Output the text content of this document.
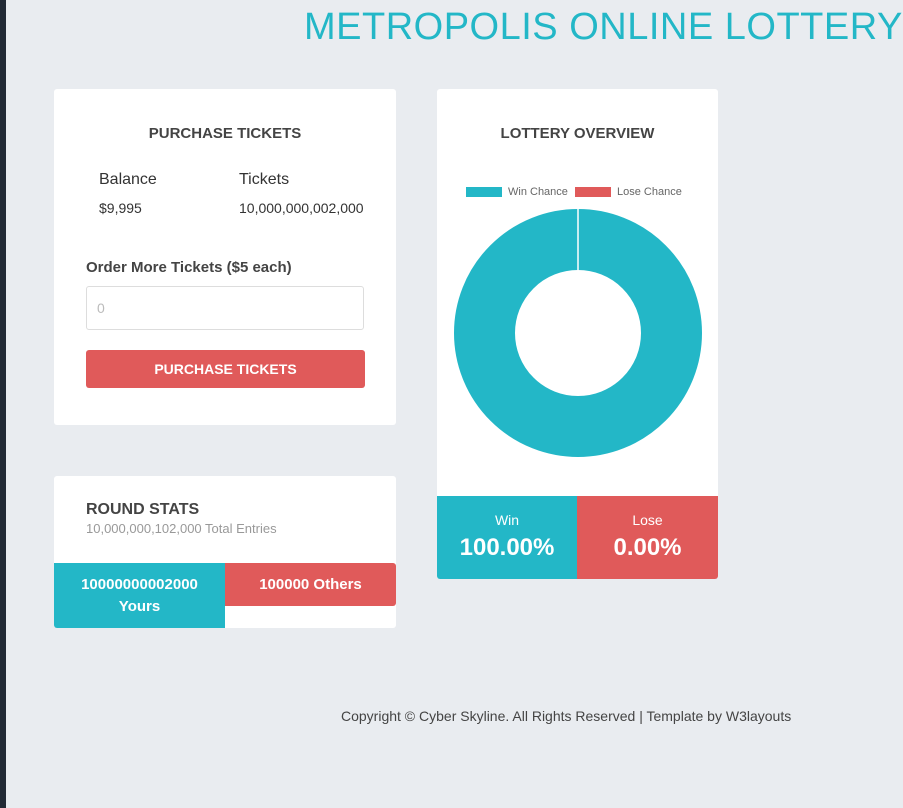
METROPOLIS ONLINE LOTTERY
PURCHASE TICKETS
Balance
$9,995
Tickets
10,000,000,002,000
Order More Tickets ($5 each)
0
PURCHASE TICKETS
ROUND STATS
10,000,000,102,000 Total Entries
10000000002000
Yours
100000 Others
LOTTERY OVERVIEW
Win Chance	Lose Chance
Win
100.00%
Lose
0.00%
Copyright © Cyber Skyline. All Rights Reserved | Template by W3layouts
